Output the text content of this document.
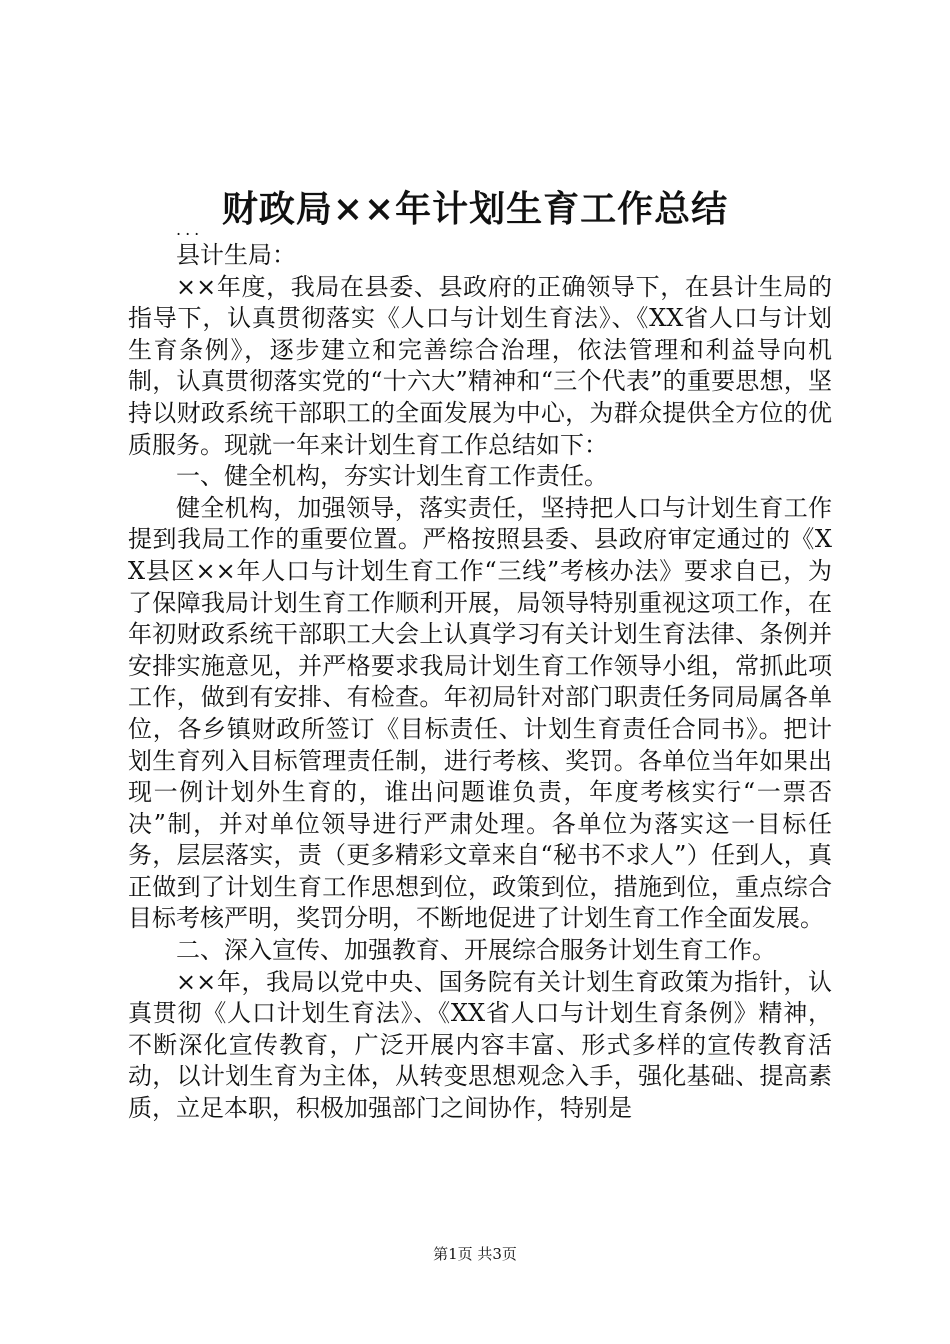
财政局××年计划生育工作总结
...

县计生局：

××年度，我局在县委、县政府的正确领导下，在县计生局的指导下，认真贯彻落实《人口与计划生育法》、《XX省人口与计划生育条例》，逐步建立和完善综合治理，依法管理和利益导向机制，认真贯彻落实党的“十六大”精神和“三个代表”的重要思想，坚持以财政系统干部职工的全面发展为中心，为群众提供全方位的优质服务。现就一年来计划生育工作总结如下：

一、健全机构，夯实计划生育工作责任。

健全机构，加强领导，落实责任，坚持把人口与计划生育工作提到我局工作的重要位置。严格按照县委、县政府审定通过的《XX县区××年人口与计划生育工作“三线”考核办法》要求自已，为了保障我局计划生育工作顺利开展，局领导特别重视这项工作，在年初财政系统干部职工大会上认真学习有关计划生育法律、条例并安排实施意见，并严格要求我局计划生育工作领导小组，常抓此项工作，做到有安排、有检查。年初局针对部门职责任务同局属各单位，各乡镇财政所签订《目标责任、计划生育责任合同书》。把计划生育列入目标管理责任制，进行考核、奖罚。各单位当年如果出现一例计划外生育的，谁出问题谁负责，年度考核实行“一票否决”制，并对单位领导进行严肃处理。各单位为落实这一目标任务，层层落实，责（更多精彩文章来自“秘书不求人”）任到人，真正做到了计划生育工作思想到位，政策到位，措施到位，重点综合目标考核严明，奖罚分明，不断地促进了计划生育工作全面发展。

二、深入宣传、加强教育、开展综合服务计划生育工作。

××年，我局以党中央、国务院有关计划生育政策为指针，认真贯彻《人口计划生育法》、《XX省人口与计划生育条例》精神，不断深化宣传教育，广泛开展内容丰富、形式多样的宣传教育活动，以计划生育为主体，从转变思想观念入手，强化基础、提高素质，立足本职，积极加强部门之间协作，特别是

第1页 共3页
